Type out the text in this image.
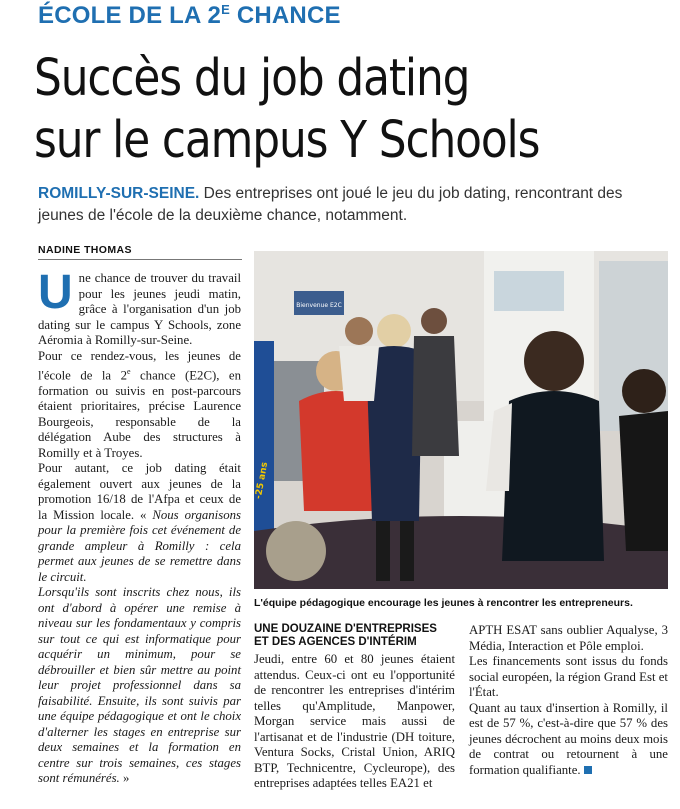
ÉCOLE DE LA $2^E$ CHANCE
Succès du job dating
sur le campus Y Schools
ROMILLY-SUR-SEINE. Des entreprises ont joué le jeu du job dating, rencontrant des jeunes de l'école de la deuxième chance, notamment.
NADINE THOMAS
U ne chance de trouver du travail pour les jeunes jeudi matin, grâce à l'organisation d'un job dating sur le campus Y Schools, zone Aéromia à Romilly-sur-Seine.

Pour ce rendez-vous, les jeunes de l'école de la 2e chance (E2C), en formation ou suivis en post-parcours étaient prioritaires, précise Laurence Bourgeois, responsable de la délégation Aube des structures à Romilly et à Troyes.

Pour autant, ce job dating était également ouvert aux jeunes de la promotion 16/18 de l'Afpa et ceux de la Mission locale. « Nous organisons pour la première fois cet événement de grande ampleur à Romilly : cela permet aux jeunes de se remettre dans le circuit.

Lorsqu'ils sont inscrits chez nous, ils ont d'abord à opérer une remise à niveau sur les fondamentaux y compris sur tout ce qui est informatique pour acquérir un minimum, pour se débrouiller et bien sûr mettre au point leur projet professionnel dans sa faisabilité. Ensuite, ils sont suivis par une équipe pédagogique et ont le choix d'alterner les stages en entreprise sur deux semaines et la formation en centre sur trois semaines, ces stages sont rémunérés. »

Bienvenue E2C
-25 ans
L'équipe pédagogique encourage les jeunes à rencontrer les entrepreneurs.
UNE DOUZAINE D'ENTREPRISES
ET DES AGENCES D'INTÉRIM

Jeudi, entre 60 et 80 jeunes étaient attendus. Ceux-ci ont eu l'opportunité de rencontrer les entreprises d'intérim telles qu'Amplitude, Manpower, Morgan service mais aussi de l'artisanat et de l'industrie (DH toiture, Ventura Socks, Cristal Union, ARIQ BTP, Technicentre, Cycleurope), des entreprises adaptées telles EA21 et

APTH ESAT sans oublier Aqualyse, 3 Média, Interaction et Pôle emploi.

Les financements sont issus du fonds social européen, la région Grand Est et l'État.

Quant au taux d'insertion à Romilly, il est de 57 %, c'est-à-dire que 57 % des jeunes décrochent au moins deux mois de contrat ou retournent à une formation qualifiante.
